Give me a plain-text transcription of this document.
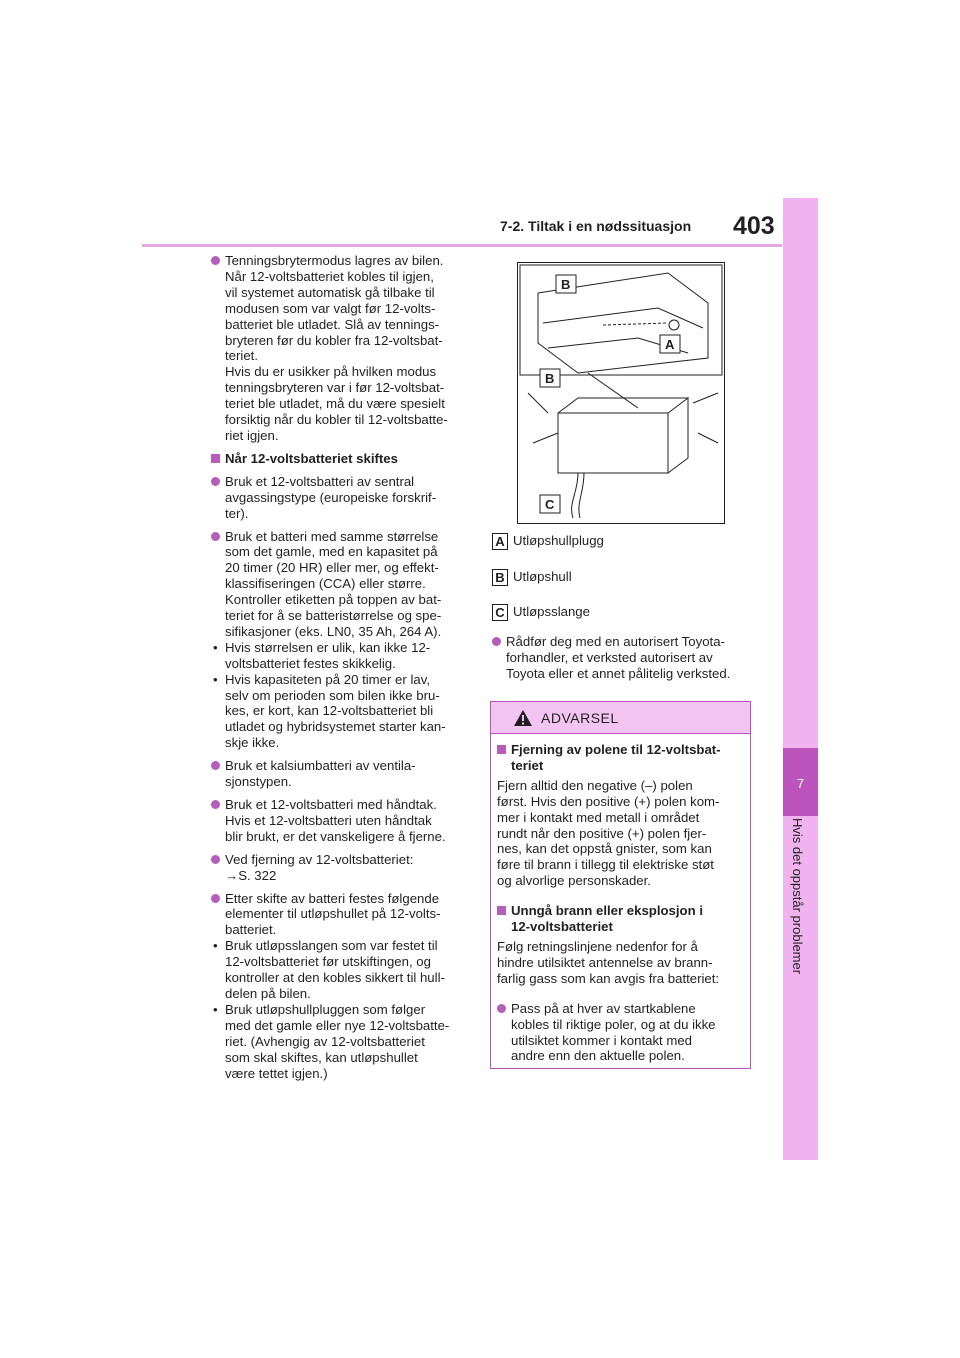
7-2. Tiltak i en nødssituasjon 403
7
Hvis det oppstår problemer
Tenningsbrytermodus lagres av bilen.
Når 12-voltsbatteriet kobles til igjen,
vil systemet automatisk gå tilbake til
modusen som var valgt før 12-volts-
batteriet ble utladet. Slå av tennings-
bryteren før du kobler fra 12-voltsbat-
teriet.
Hvis du er usikker på hvilken modus
tenningsbryteren var i før 12-voltsbat-
teriet ble utladet, må du være spesielt
forsiktig når du kobler til 12-voltsbatte-
riet igjen.
Når 12-voltsbatteriet skiftes
Bruk et 12-voltsbatteri av sentral
avgassingstype (europeiske forskrif-
ter).
Bruk et batteri med samme størrelse
som det gamle, med en kapasitet på
20 timer (20 HR) eller mer, og effekt-
klassifiseringen (CCA) eller større.
Kontroller etiketten på toppen av bat-
teriet for å se batteristørrelse og spe-
sifikasjoner (eks. LN0, 35 Ah, 264 A).
• Hvis størrelsen er ulik, kan ikke 12-
voltsbatteriet festes skikkelig.
• Hvis kapasiteten på 20 timer er lav,
selv om perioden som bilen ikke bru-
kes, er kort, kan 12-voltsbatteriet bli
utladet og hybridsystemet starter kan-
skje ikke.
Bruk et kalsiumbatteri av ventila-
sjonstypen.
Bruk et 12-voltsbatteri med håndtak.
Hvis et 12-voltsbatteri uten håndtak
blir brukt, er det vanskeligere å fjerne.
Ved fjerning av 12-voltsbatteriet:
→S. 322
Etter skifte av batteri festes følgende
elementer til utløpshullet på 12-volts-
batteriet.
• Bruk utløpsslangen som var festet til
12-voltsbatteriet før utskiftingen, og
kontroller at den kobles sikkert til hull-
delen på bilen.
• Bruk utløpshullpluggen som følger
med det gamle eller nye 12-voltsbatte-
riet. (Avhengig av 12-voltsbatteriet
som skal skiftes, kan utløpshullet
være tettet igjen.)
B
A
B
C
A Utløpshullplugg
B Utløpshull
C Utløpsslange
Rådfør deg med en autorisert Toyota-
forhandler, et verksted autorisert av
Toyota eller et annet pålitelig verksted.
ADVARSEL
Fjerning av polene til 12-voltsbat-
teriet

Fjern alltid den negative (–) polen
først. Hvis den positive (+) polen kom-
mer i kontakt med metall i området
rundt når den positive (+) polen fjer-
nes, kan det oppstå gnister, som kan
føre til brann i tillegg til elektriske støt
og alvorlige personskader.

Unngå brann eller eksplosjon i
12-voltsbatteriet

Følg retningslinjene nedenfor for å
hindre utilsiktet antennelse av brann-
farlig gass som kan avgis fra batteriet:

Pass på at hver av startkablene
kobles til riktige poler, og at du ikke
utilsiktet kommer i kontakt med
andre enn den aktuelle polen.
